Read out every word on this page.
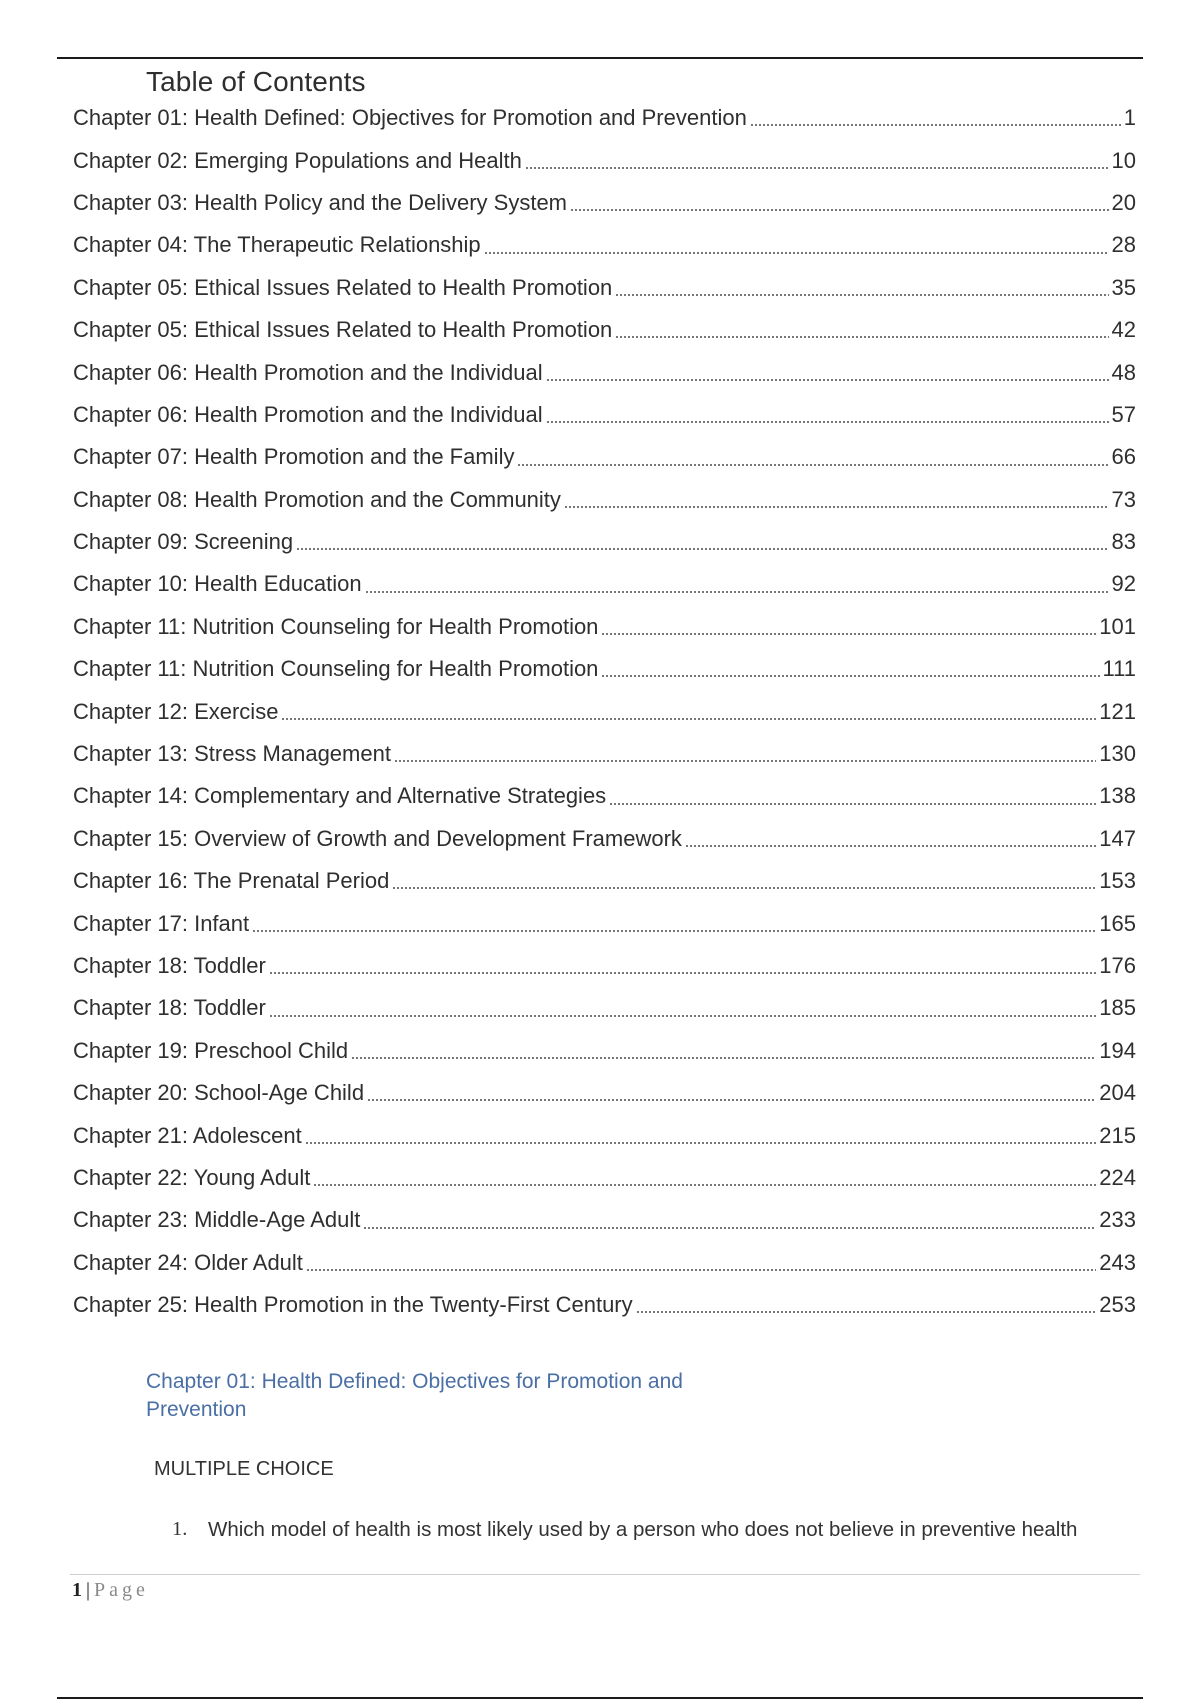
Table of Contents
Chapter 01: Health Defined: Objectives for Promotion and Prevention	1
Chapter 02: Emerging Populations and Health	10
Chapter 03: Health Policy and the Delivery System	20
Chapter 04: The Therapeutic Relationship	28
Chapter 05: Ethical Issues Related to Health Promotion	35
Chapter 05: Ethical Issues Related to Health Promotion	42
Chapter 06: Health Promotion and the Individual	48
Chapter 06: Health Promotion and the Individual	57
Chapter 07: Health Promotion and the Family	66
Chapter 08: Health Promotion and the Community	73
Chapter 09: Screening	83
Chapter 10: Health Education	92
Chapter 11: Nutrition Counseling for Health Promotion	101
Chapter 11: Nutrition Counseling for Health Promotion	111
Chapter 12: Exercise	121
Chapter 13: Stress Management	130
Chapter 14: Complementary and Alternative Strategies	138
Chapter 15: Overview of Growth and Development Framework	147
Chapter 16: The Prenatal Period	153
Chapter 17: Infant	165
Chapter 18: Toddler	176
Chapter 18: Toddler	185
Chapter 19: Preschool Child	194
Chapter 20: School-Age Child	204
Chapter 21: Adolescent	215
Chapter 22: Young Adult	224
Chapter 23: Middle-Age Adult	233
Chapter 24: Older Adult	243
Chapter 25: Health Promotion in the Twenty-First Century	253
Chapter 01: Health Defined: Objectives for Promotion and Prevention
MULTIPLE CHOICE
1.	Which model of health is most likely used by a person who does not believe in preventive health
1 | Page
